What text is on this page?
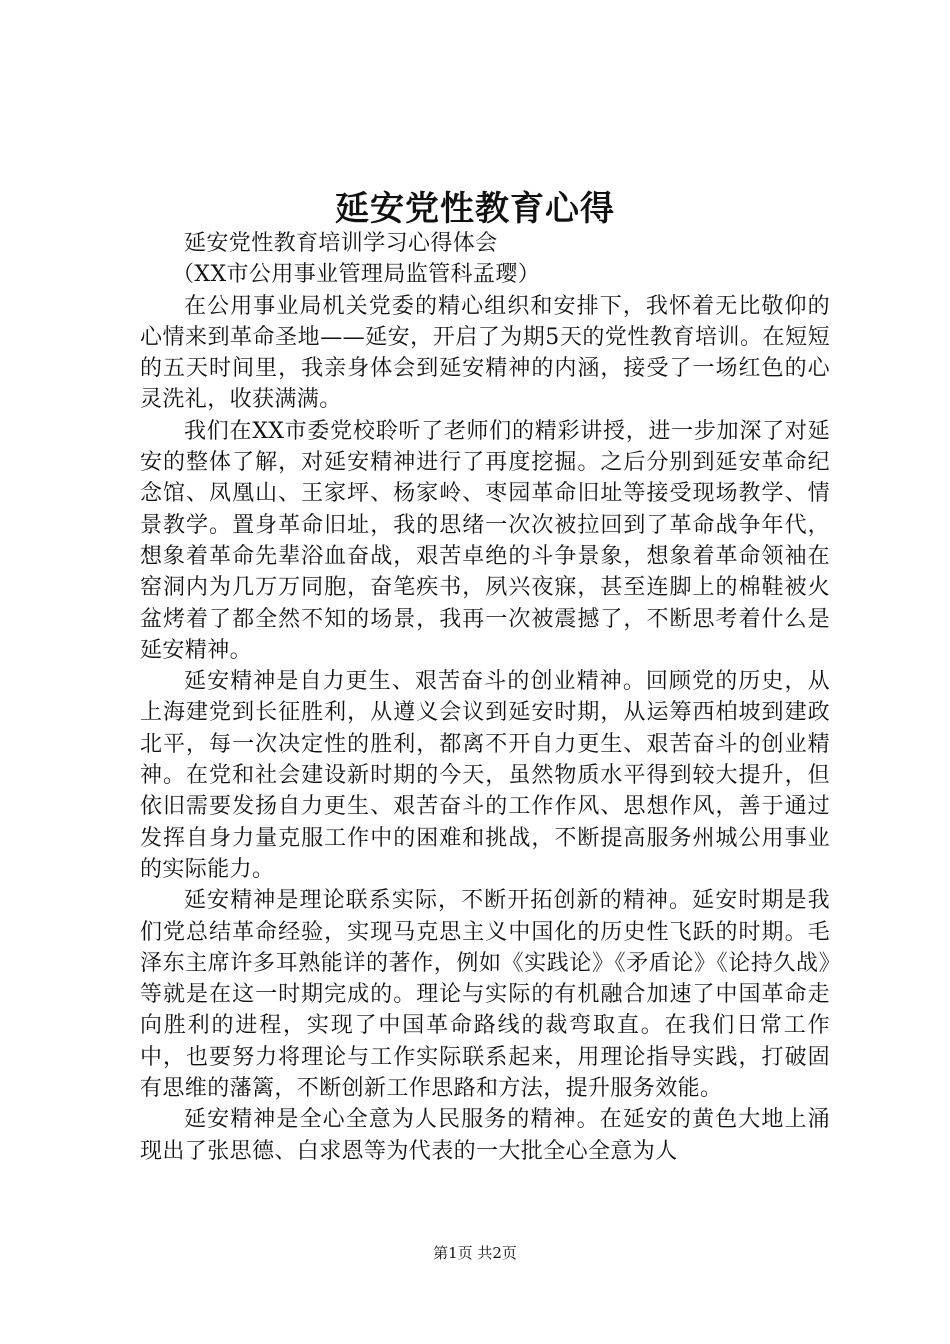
延安党性教育心得

延安党性教育培训学习心得体会

（XX市公用事业管理局监管科孟璎）

在公用事业局机关党委的精心组织和安排下，我怀着无比敬仰的心情来到革命圣地——延安，开启了为期5天的党性教育培训。在短短的五天时间里，我亲身体会到延安精神的内涵，接受了一场红色的心灵洗礼，收获满满。

我们在XX市委党校聆听了老师们的精彩讲授，进一步加深了对延安的整体了解，对延安精神进行了再度挖掘。之后分别到延安革命纪念馆、凤凰山、王家坪、杨家岭、枣园革命旧址等接受现场教学、情景教学。置身革命旧址，我的思绪一次次被拉回到了革命战争年代，想象着革命先辈浴血奋战，艰苦卓绝的斗争景象，想象着革命领袖在窑洞内为几万万同胞，奋笔疾书，夙兴夜寐，甚至连脚上的棉鞋被火盆烤着了都全然不知的场景，我再一次被震撼了，不断思考着什么是延安精神。

延安精神是自力更生、艰苦奋斗的创业精神。回顾党的历史，从上海建党到长征胜利，从遵义会议到延安时期，从运筹西柏坡到建政北平，每一次决定性的胜利，都离不开自力更生、艰苦奋斗的创业精神。在党和社会建设新时期的今天，虽然物质水平得到较大提升，但依旧需要发扬自力更生、艰苦奋斗的工作作风、思想作风，善于通过发挥自身力量克服工作中的困难和挑战，不断提高服务州城公用事业的实际能力。

延安精神是理论联系实际，不断开拓创新的精神。延安时期是我们党总结革命经验，实现马克思主义中国化的历史性飞跃的时期。毛泽东主席许多耳熟能详的著作，例如《实践论》《矛盾论》《论持久战》等就是在这一时期完成的。理论与实际的有机融合加速了中国革命走向胜利的进程，实现了中国革命路线的裁弯取直。在我们日常工作中，也要努力将理论与工作实际联系起来，用理论指导实践，打破固有思维的藩篱，不断创新工作思路和方法，提升服务效能。

延安精神是全心全意为人民服务的精神。在延安的黄色大地上涌现出了张思德、白求恩等为代表的一大批全心全意为人

第1页 共2页
